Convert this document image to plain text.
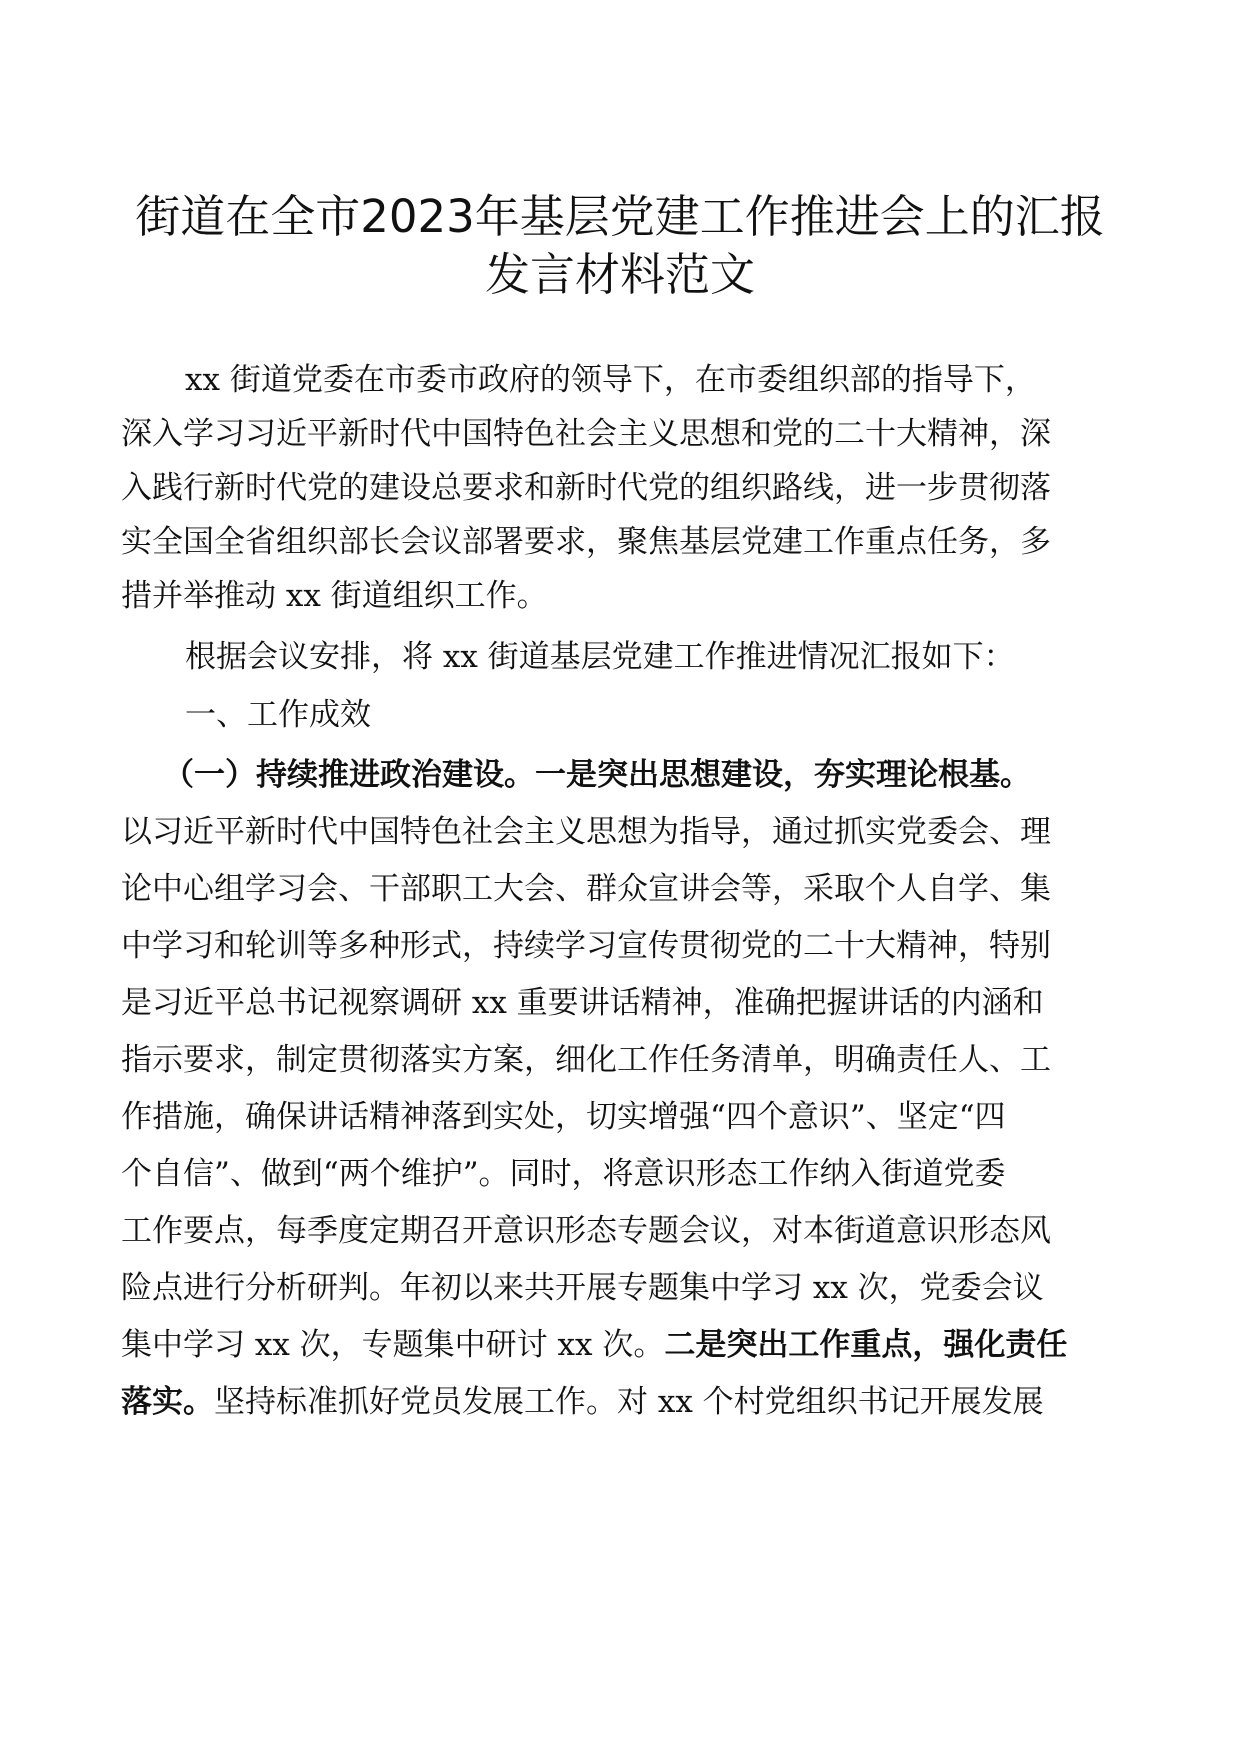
街道在全市2023年基层党建工作推进会上的汇报
发言材料范文
xx 街道党委在市委市政府的领导下，在市委组织部的指导下，
深入学习习近平新时代中国特色社会主义思想和党的二十大精神，深
入践行新时代党的建设总要求和新时代党的组织路线，进一步贯彻落
实全国全省组织部长会议部署要求，聚焦基层党建工作重点任务，多
措并举推动 xx 街道组织工作。
根据会议安排，将 xx 街道基层党建工作推进情况汇报如下：
一、工作成效
（一）持续推进政治建设。一是突出思想建设，夯实理论根基。
以习近平新时代中国特色社会主义思想为指导，通过抓实党委会、理
论中心组学习会、干部职工大会、群众宣讲会等，采取个人自学、集
中学习和轮训等多种形式，持续学习宣传贯彻党的二十大精神，特别
是习近平总书记视察调研 xx 重要讲话精神，准确把握讲话的内涵和
指示要求，制定贯彻落实方案，细化工作任务清单，明确责任人、工
作措施，确保讲话精神落到实处，切实增强“四个意识”、坚定“四
个自信”、做到“两个维护”。同时，将意识形态工作纳入街道党委
工作要点，每季度定期召开意识形态专题会议，对本街道意识形态风
险点进行分析研判。年初以来共开展专题集中学习 xx 次，党委会议
集中学习 xx 次，专题集中研讨 xx 次。二是突出工作重点，强化责任
落实。坚持标准抓好党员发展工作。对 xx 个村党组织书记开展发展
